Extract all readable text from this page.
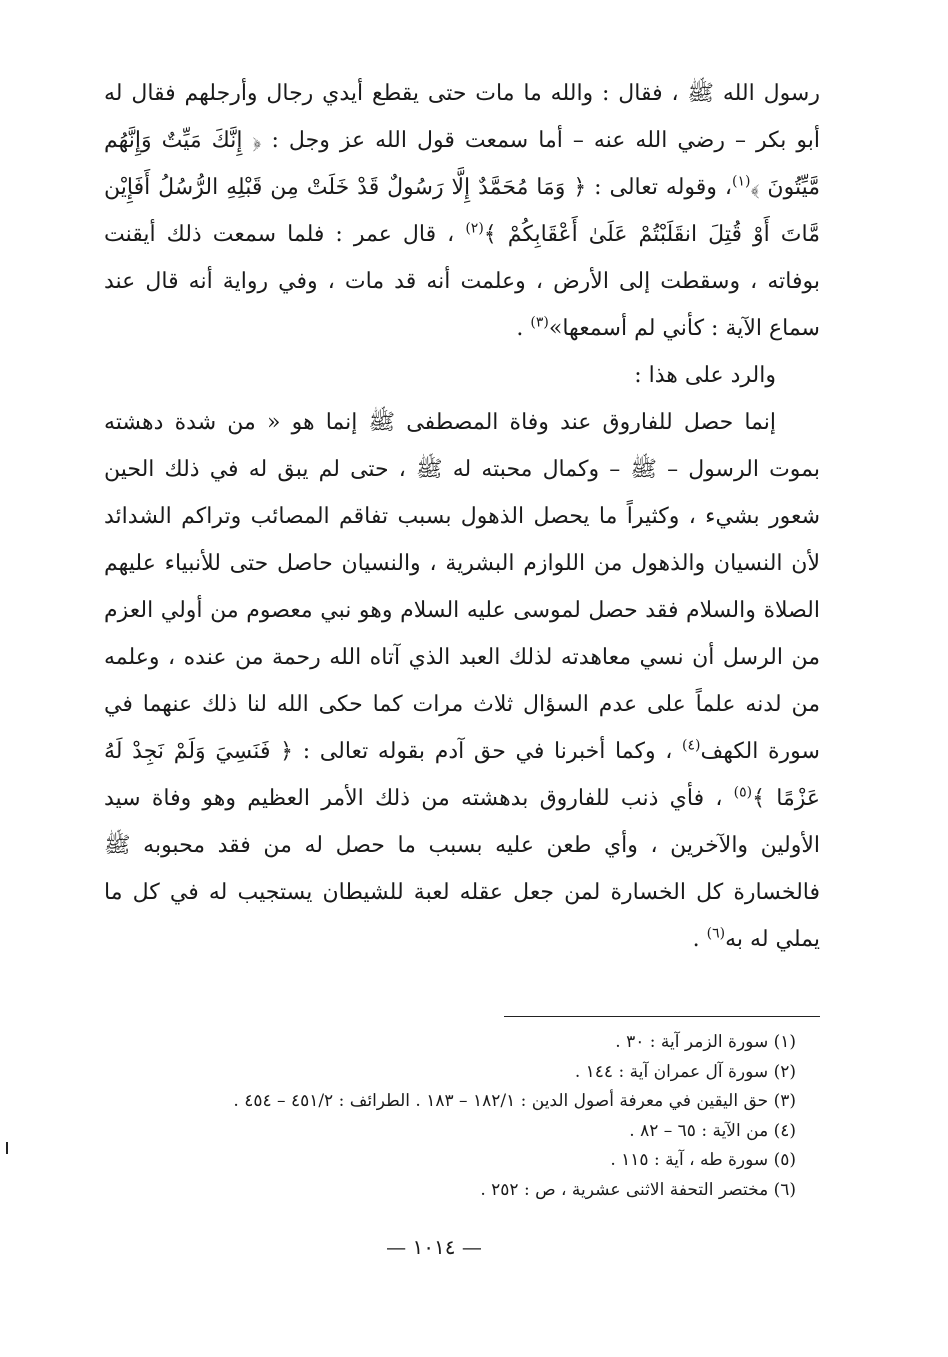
رسول الله ﷺ ، فقال : والله ما مات حتى يقطع أيدي رجال وأرجلهم فقال له أبو بكر – رضي الله عنه – أما سمعت قول الله عز وجل : ﴿ إِنَّكَ مَيِّتٌ وَإِنَّهُم مَّيِّتُونَ ﴾$^{(١)}$، وقوله تعالى : ﴿ وَمَا مُحَمَّدٌ إِلَّا رَسُولٌ قَدْ خَلَتْ مِن قَبْلِهِ الرُّسُلُ أَفَإِيْن مَّاتَ أَوْ قُتِلَ انقَلَبْتُمْ عَلَىٰ أَعْقَابِكُمْ ﴾$^{(٢)}$ ، قال عمر : فلما سمعت ذلك أيقنت بوفاته ، وسقطت إلى الأرض ، وعلمت أنه قد مات ، وفي رواية أنه قال عند سماع الآية : كأني لم أسمعها»$^{(٣)}$ .

والرد على هذا :

إنما حصل للفاروق عند وفاة المصطفى ﷺ إنما هو « من شدة دهشته بموت الرسول – ﷺ – وكمال محبته له ﷺ ، حتى لم يبق له في ذلك الحين شعور بشيء ، وكثيراً ما يحصل الذهول بسبب تفاقم المصائب وتراكم الشدائد لأن النسيان والذهول من اللوازم البشرية ، والنسيان حاصل حتى للأنبياء عليهم الصلاة والسلام فقد حصل لموسى عليه السلام وهو نبي معصوم من أولي العزم من الرسل أن نسي معاهدته لذلك العبد الذي آتاه الله رحمة من عنده ، وعلمه من لدنه علماً على عدم السؤال ثلاث مرات كما حكى الله لنا ذلك عنهما في سورة الكهف$^{(٤)}$ ، وكما أخبرنا في حق آدم بقوله تعالى : ﴿ فَنَسِيَ وَلَمْ نَجِدْ لَهُ عَزْمًا ﴾$^{(٥)}$ ، فأي ذنب للفاروق بدهشته من ذلك الأمر العظيم وهو وفاة سيد الأولين والآخرين ، وأي طعن عليه بسبب ما حصل له من فقد محبوبه ﷺ فالخسارة كل الخسارة لمن جعل عقله لعبة للشيطان يستجيب له في كل ما يملي له به$^{(٦)}$ .

(١) سورة الزمر آية : ٣٠ .
(٢) سورة آل عمران آية : ١٤٤ .
(٣) حق اليقين في معرفة أصول الدين : ١٨٢/١ – ١٨٣ . الطرائف : ٤٥١/٢ – ٤٥٤ .
(٤) من الآية : ٦٥ – ٨٢ .
(٥) سورة طه ، آية : ١١٥ .
(٦) مختصر التحفة الاثنى عشرية ، ص : ٢٥٢ .
— ١٠١٤ —
